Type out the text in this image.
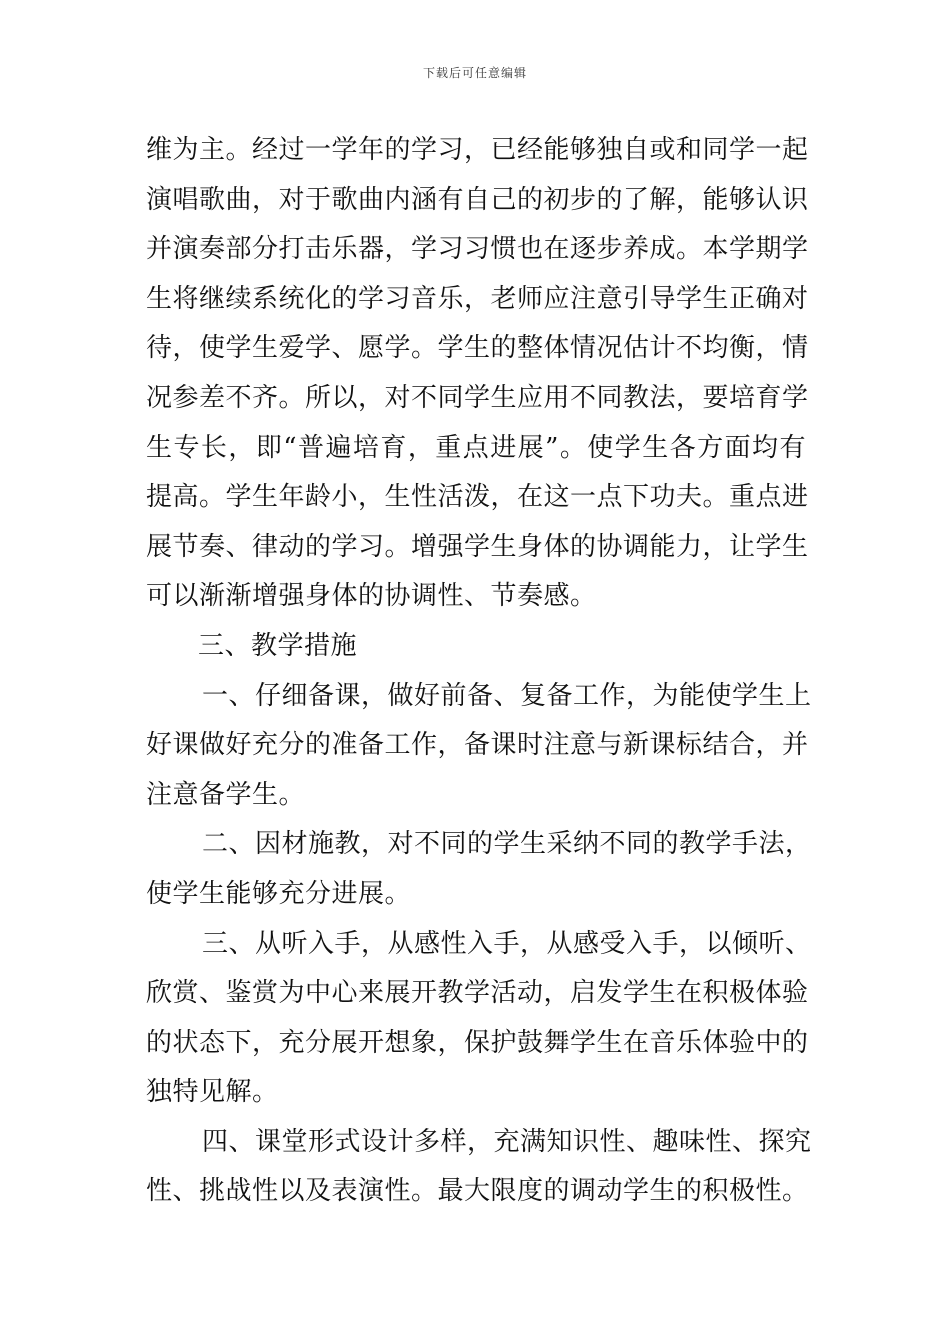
下载后可任意编辑
维为主。经过一学年的学习，已经能够独自或和同学一起
演唱歌曲，对于歌曲内涵有自己的初步的了解，能够认识
并演奏部分打击乐器，学习习惯也在逐步养成。本学期学
生将继续系统化的学习音乐，老师应注意引导学生正确对
待，使学生爱学、愿学。学生的整体情况估计不均衡，情
况参差不齐。所以，对不同学生应用不同教法，要培育学
生专长，即“普遍培育，重点进展”。使学生各方面均有
提高。学生年龄小，生性活泼，在这一点下功夫。重点进
展节奏、律动的学习。增强学生身体的协调能力，让学生
可以渐渐增强身体的协调性、节奏感。
三、教学措施
一、仔细备课，做好前备、复备工作，为能使学生上
好课做好充分的准备工作，备课时注意与新课标结合，并
注意备学生。
二、因材施教，对不同的学生采纳不同的教学手法，
使学生能够充分进展。
三、从听入手，从感性入手，从感受入手，以倾听、
欣赏、鉴赏为中心来展开教学活动，启发学生在积极体验
的状态下，充分展开想象，保护鼓舞学生在音乐体验中的
独特见解。
四、课堂形式设计多样，充满知识性、趣味性、探究
性、挑战性以及表演性。最大限度的调动学生的积极性。
